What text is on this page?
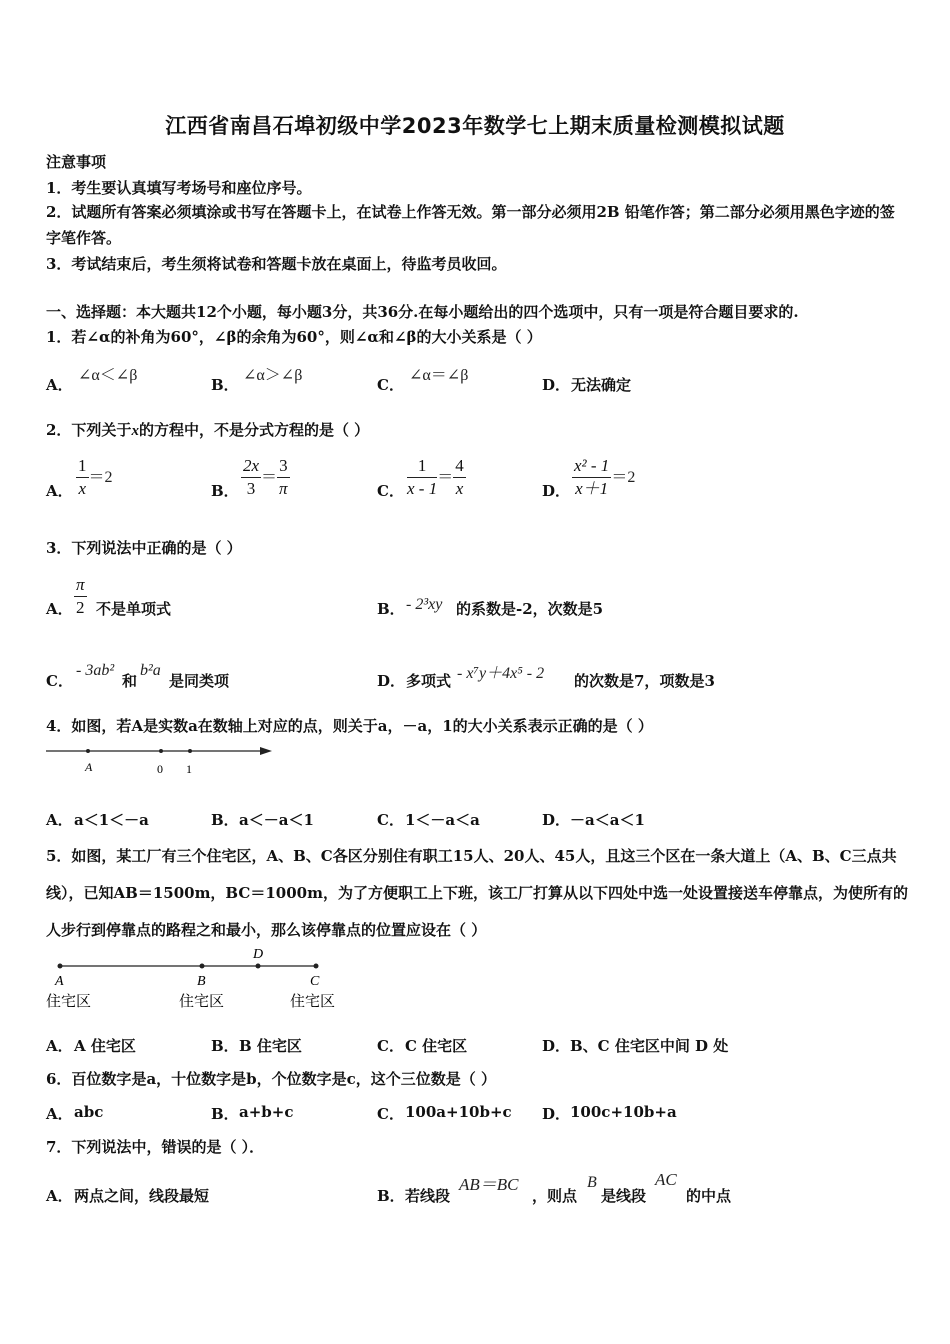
江西省南昌石埠初级中学2023年数学七上期末质量检测模拟试题
注意事项
1．考生要认真填写考场号和座位序号。
2．试题所有答案必须填涂或书写在答题卡上，在试卷上作答无效。第一部分必须用2B 铅笔作答；第二部分必须用黑色字迹的签字笔作答。
3．考试结束后，考生须将试卷和答题卡放在桌面上，待监考员收回。
一、选择题：本大题共12个小题，每小题3分，共36分.在每小题给出的四个选项中，只有一项是符合题目要求的.
1．若∠α的补角为60°，∠β的余角为60°，则∠α和∠β的大小关系是（ ）
A．
∠α＜∠β
B．
∠α＞∠β
C．
∠α＝∠β
D． 无法确定
2．下列关于x的方程中，不是分式方程的是（ ）
A． $\frac{1}{x} =2$
B． $\frac{2x}{3} = \frac{3}{\pi}$	C． $\frac{1}{x - 1} = \frac{4}{x}$	D． $\frac{\text{x² - 1}}{x+1} =2$
3．下列说法中正确的是（ ）
A． $\frac{\pi}{2}$ 不是单项式	B． - 2³xy 的系数是-2，次数是5
C．
- 3ab²
和
b²a
是同类项	D． 多项式 - x⁷y＋4x⁵ - 2 的次数是7，项数是3
4．如图，若A是实数a在数轴上对应的点，则关于a，－a，1的大小关系表示正确的是（ ）
A	0 1
A． a＜1＜－a	B． a＜－a＜1	C． 1＜－a＜a	D． －a＜a＜1
5．如图，某工厂有三个住宅区，A、B、C各区分别住有职工15人、20人、45人，且这三个区在一条大道上（A、B、C三点共线），已知AB＝1500m，BC＝1000m，为了方便职工上下班，该工厂打算从以下四处中选一处设置接送车停靠点，为使所有的人步行到停靠点的路程之和最小，那么该停靠点的位置应设在（ ）
A	B
D
C
住宅区	住宅区	住宅区
A． A 住宅区	B． B 住宅区	C． C 住宅区	D． B、C 住宅区中间 D 处
6．百位数字是a，十位数字是b，个位数字是c，这个三位数是（ ）
A． abc	B． a+b+c	C． 100a+10b+c D． 100c+10b+a
7．下列说法中，错误的是（ ）．
A． 两点之间，线段最短	B． 若线段
AB＝BC
，则点
B
是线段
AC
的中点
